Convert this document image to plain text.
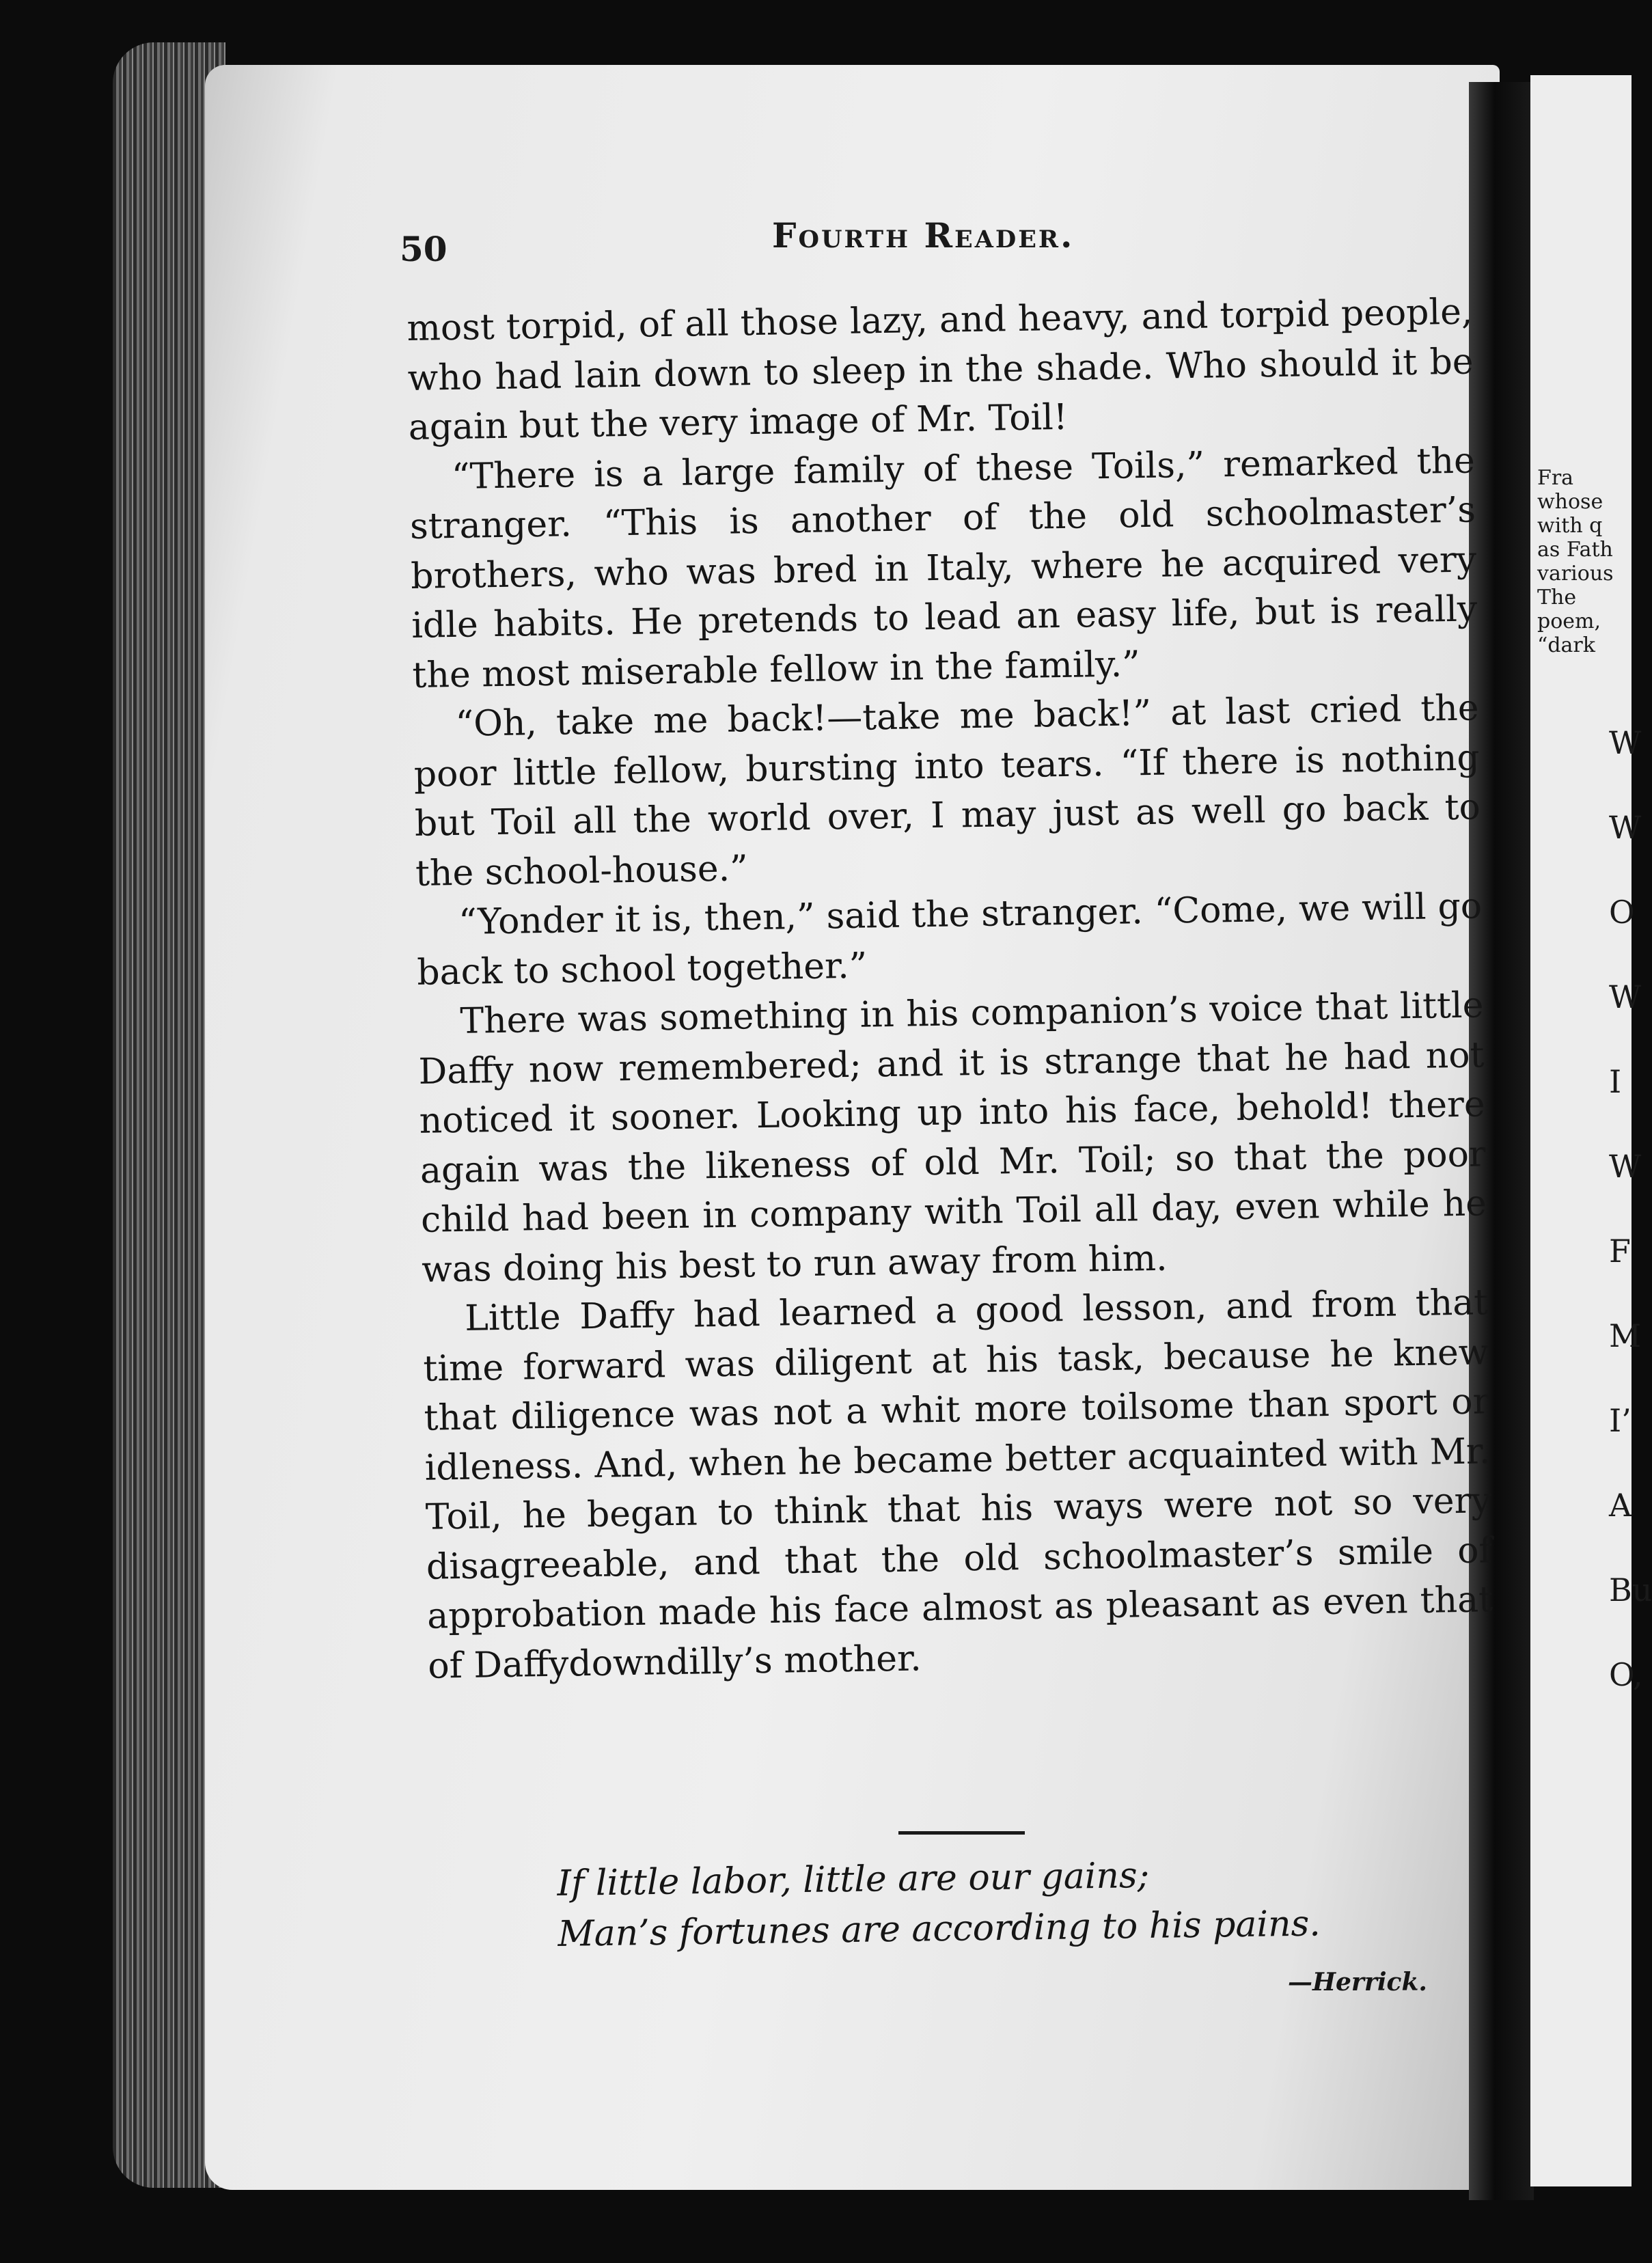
50	Fourth Reader.

most torpid, of all those lazy, and heavy, and torpid people, who had lain down to sleep in the shade. Who should it be again but the very image of Mr. Toil!

“There is a large family of these Toils,” remarked the stranger. “This is another of the old schoolmaster’s brothers, who was bred in Italy, where he acquired very idle habits. He pretends to lead an easy life, but is really the most miserable fellow in the family.”

“Oh, take me back!—take me back!” at last cried the poor little fellow, bursting into tears. “If there is nothing but Toil all the world over, I may just as well go back to the school-house.”

“Yonder it is, then,” said the stranger. “Come, we will go back to school together.”

There was something in his companion’s voice that little Daffy now remembered; and it is strange that he had not noticed it sooner. Looking up into his face, behold! there again was the likeness of old Mr. Toil; so that the poor child had been in company with Toil all day, even while he was doing his best to run away from him.

Little Daffy had learned a good lesson, and from that time forward was diligent at his task, because he knew that diligence was not a whit more toilsome than sport or idleness. And, when he became better acquainted with Mr. Toil, he began to think that his ways were not so very disagreeable, and that the old schoolmaster’s smile of approbation made his face almost as pleasant as even that of Daffydowndilly’s mother.

If little labor, little are our gains;
Man’s fortunes are according to his pains.
—Herrick.
Fra
whose
with q
as Fath
various
The
poem,
“dark
W
W
O
W
I
W
F
M
I’
A
Bu
O,
